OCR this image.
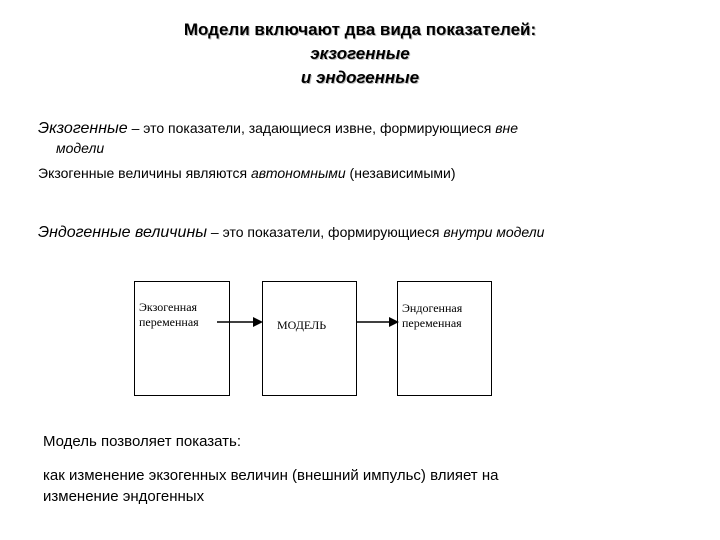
Модели включают два вида показателей:
экзогенные
и эндогенные
Экзогенные – это показатели, задающиеся извне, формирующиеся вне
модели
Экзогенные величины являются автономными (независимыми)
Эндогенные величины – это показатели, формирующиеся внутри модели
Экзогенная
переменная	МОДЕЛЬ
Эндогенная
переменная
Модель позволяет показать:
как изменение экзогенных величин (внешний импульс) влияет на
изменение эндогенных
